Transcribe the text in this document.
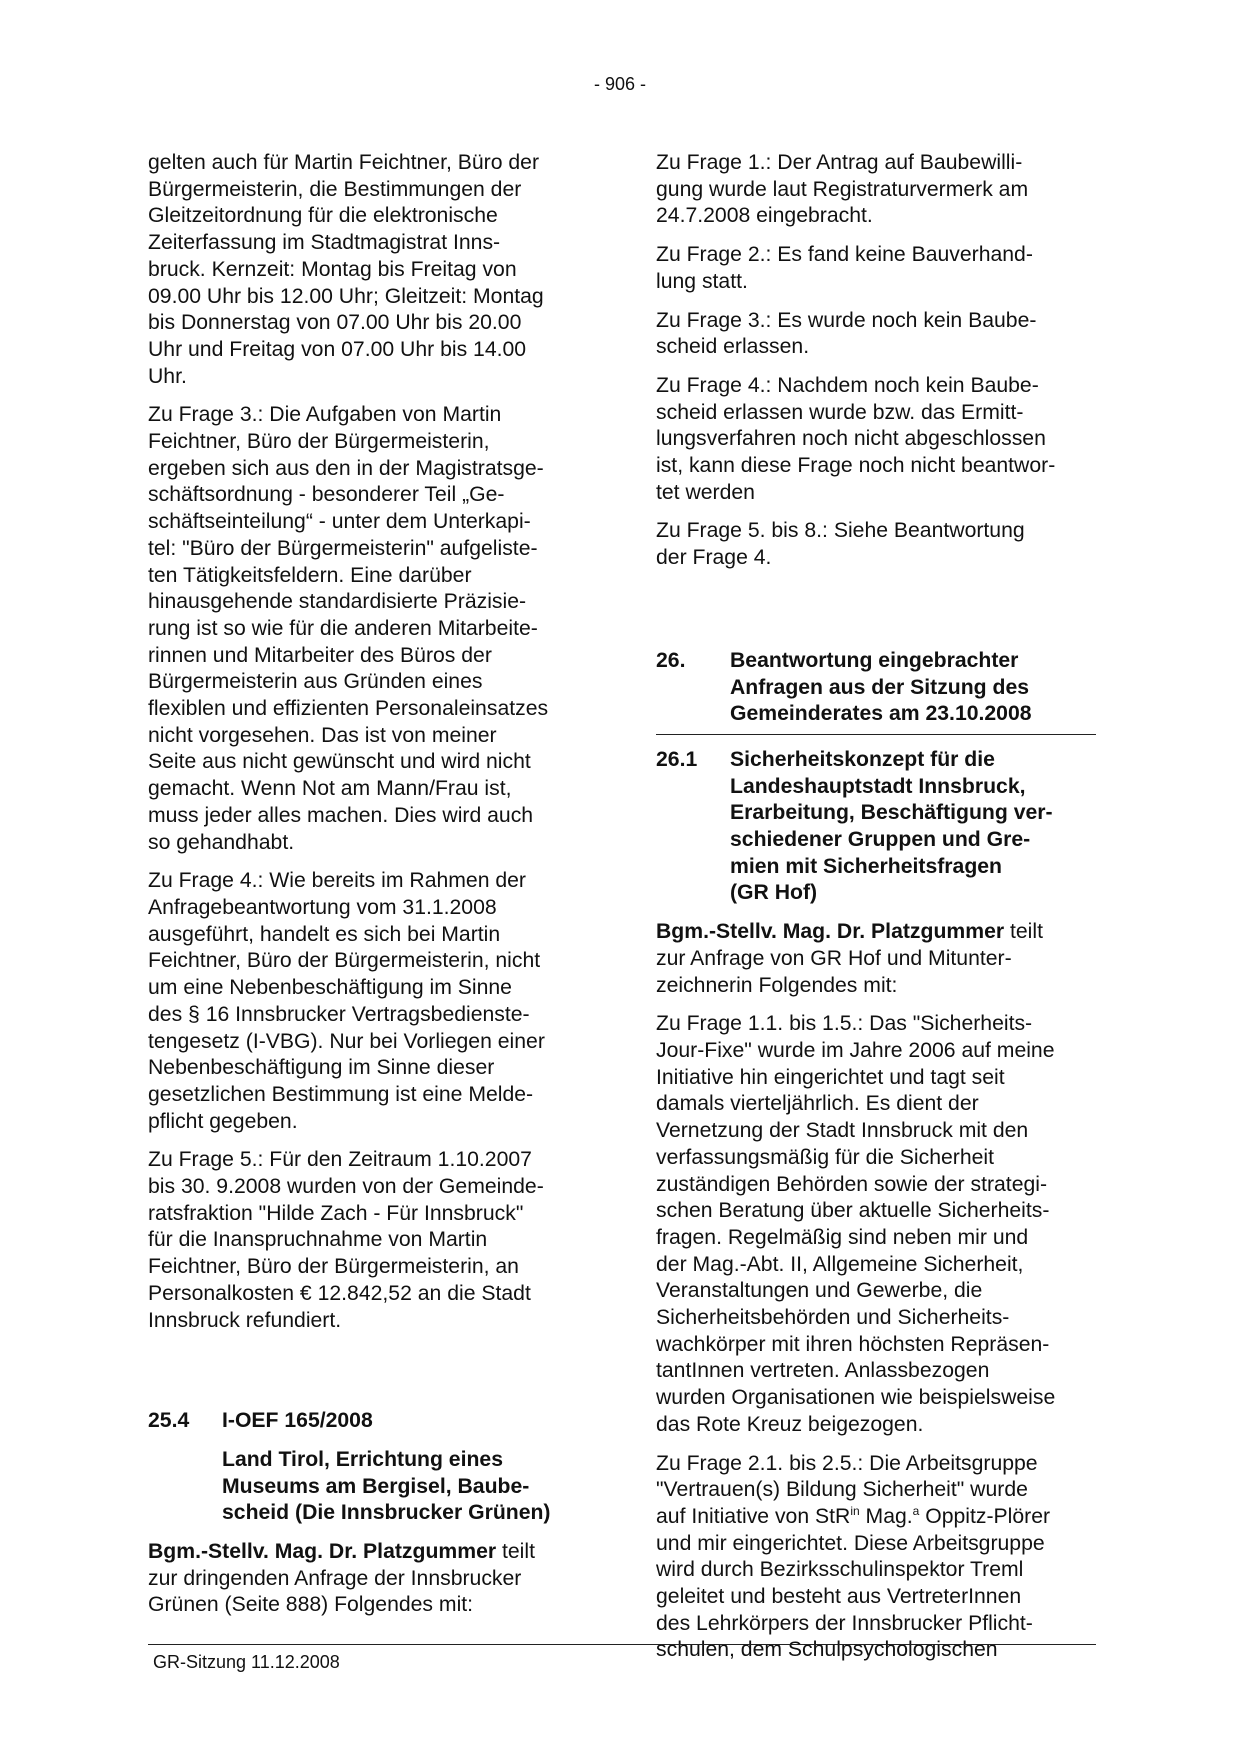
- 906 -

gelten auch für Martin Feichtner, Büro der
Bürgermeisterin, die Bestimmungen der
Gleitzeitordnung für die elektronische
Zeiterfassung im Stadtmagistrat Inns-
bruck. Kernzeit: Montag bis Freitag von
09.00 Uhr bis 12.00 Uhr; Gleitzeit: Montag
bis Donnerstag von 07.00 Uhr bis 20.00
Uhr und Freitag von 07.00 Uhr bis 14.00
Uhr.

Zu Frage 3.: Die Aufgaben von Martin
Feichtner, Büro der Bürgermeisterin,
ergeben sich aus den in der Magistratsge-
schäftsordnung - besonderer Teil „Ge-
schäftseinteilung“ - unter dem Unterkapi-
tel: "Büro der Bürgermeisterin" aufgeliste-
ten Tätigkeitsfeldern. Eine darüber
hinausgehende standardisierte Präzisie-
rung ist so wie für die anderen Mitarbeite-
rinnen und Mitarbeiter des Büros der
Bürgermeisterin aus Gründen eines
flexiblen und effizienten Personaleinsatzes
nicht vorgesehen. Das ist von meiner
Seite aus nicht gewünscht und wird nicht
gemacht. Wenn Not am Mann/Frau ist,
muss jeder alles machen. Dies wird auch
so gehandhabt.

Zu Frage 4.: Wie bereits im Rahmen der
Anfragebeantwortung vom 31.1.2008
ausgeführt, handelt es sich bei Martin
Feichtner, Büro der Bürgermeisterin, nicht
um eine Nebenbeschäftigung im Sinne
des § 16 Innsbrucker Vertragsbedienste-
tengesetz (I-VBG). Nur bei Vorliegen einer
Nebenbeschäftigung im Sinne dieser
gesetzlichen Bestimmung ist eine Melde-
pflicht gegeben.

Zu Frage 5.: Für den Zeitraum 1.10.2007
bis 30. 9.2008 wurden von der Gemeinde-
ratsfraktion "Hilde Zach - Für Innsbruck"
für die Inanspruchnahme von Martin
Feichtner, Büro der Bürgermeisterin, an
Personalkosten € 12.842,52 an die Stadt
Innsbruck refundiert.

25.4	I-OEF 165/2008
Land Tirol, Errichtung eines
Museums am Bergisel, Baube-
scheid (Die Innsbrucker Grünen)

Bgm.-Stellv. Mag. Dr. Platzgummer teilt
zur dringenden Anfrage der Innsbrucker
Grünen (Seite 888) Folgendes mit:

Zu Frage 1.: Der Antrag auf Baubewilli-
gung wurde laut Registraturvermerk am
24.7.2008 eingebracht.

Zu Frage 2.: Es fand keine Bauverhand-
lung statt.

Zu Frage 3.: Es wurde noch kein Baube-
scheid erlassen.

Zu Frage 4.: Nachdem noch kein Baube-
scheid erlassen wurde bzw. das Ermitt-
lungsverfahren noch nicht abgeschlossen
ist, kann diese Frage noch nicht beantwor-
tet werden

Zu Frage 5. bis 8.: Siehe Beantwortung
der Frage 4.

26.	Beantwortung eingebrachter
Anfragen aus der Sitzung des
Gemeinderates am 23.10.2008
26.1	Sicherheitskonzept für die
Landeshauptstadt Innsbruck,
Erarbeitung, Beschäftigung ver-
schiedener Gruppen und Gre-
mien mit Sicherheitsfragen
(GR Hof)

Bgm.-Stellv. Mag. Dr. Platzgummer teilt
zur Anfrage von GR Hof und Mitunter-
zeichnerin Folgendes mit:

Zu Frage 1.1. bis 1.5.: Das "Sicherheits-
Jour-Fixe" wurde im Jahre 2006 auf meine
Initiative hin eingerichtet und tagt seit
damals vierteljährlich. Es dient der
Vernetzung der Stadt Innsbruck mit den
verfassungsmäßig für die Sicherheit
zuständigen Behörden sowie der strategi-
schen Beratung über aktuelle Sicherheits-
fragen. Regelmäßig sind neben mir und
der Mag.-Abt. II, Allgemeine Sicherheit,
Veranstaltungen und Gewerbe, die
Sicherheitsbehörden und Sicherheits-
wachkörper mit ihren höchsten Repräsen-
tantInnen vertreten. Anlassbezogen
wurden Organisationen wie beispielsweise
das Rote Kreuz beigezogen.

Zu Frage 2.1. bis 2.5.: Die Arbeitsgruppe
"Vertrauen(s) Bildung Sicherheit" wurde
auf Initiative von StR$^{in}$ Mag.$^a$ Oppitz-Plörer
und mir eingerichtet. Diese Arbeitsgruppe
wird durch Bezirksschulinspektor Treml
geleitet und besteht aus VertreterInnen
des Lehrkörpers der Innsbrucker Pflicht-
schulen, dem Schulpsychologischen

GR-Sitzung 11.12.2008
